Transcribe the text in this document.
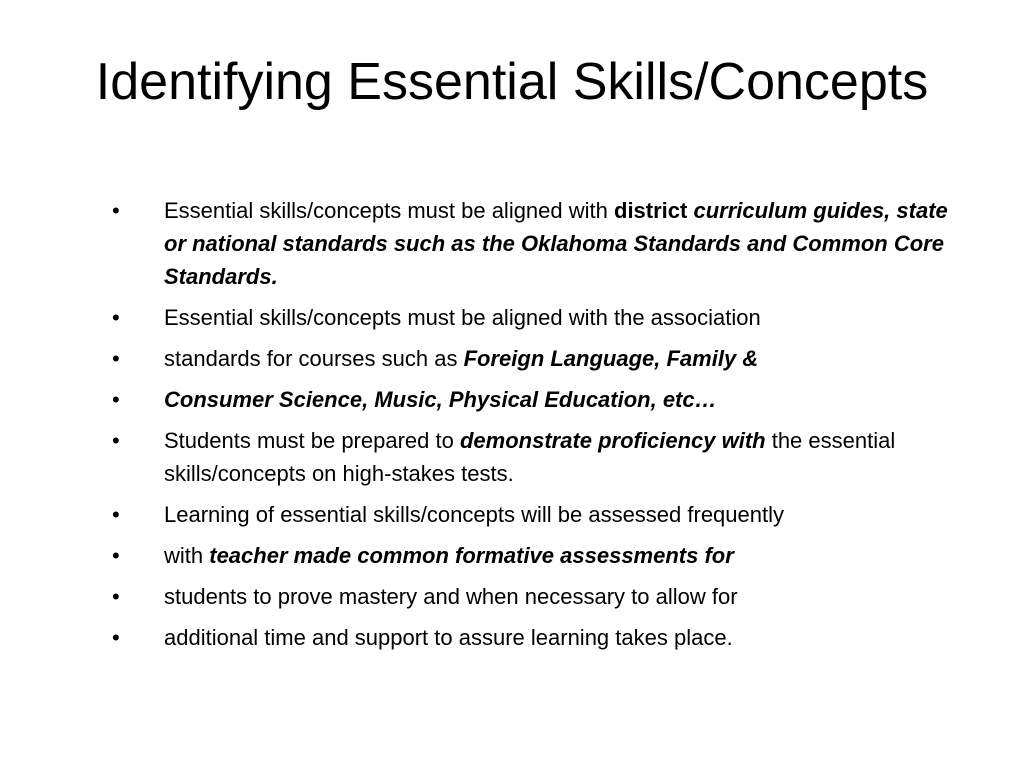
Identifying Essential Skills/Concepts
• Essential skills/concepts must be aligned with district curriculum guides, state or national standards such as the Oklahoma Standards and Common Core Standards.
• Essential skills/concepts must be aligned with the association
• standards for courses such as Foreign Language, Family &
• Consumer Science, Music, Physical Education, etc…
• Students must be prepared to demonstrate proficiency with the essential skills/concepts on high-stakes tests.
• Learning of essential skills/concepts will be assessed frequently
• with teacher made common formative assessments for
• students to prove mastery and when necessary to allow for
• additional time and support to assure learning takes place.
